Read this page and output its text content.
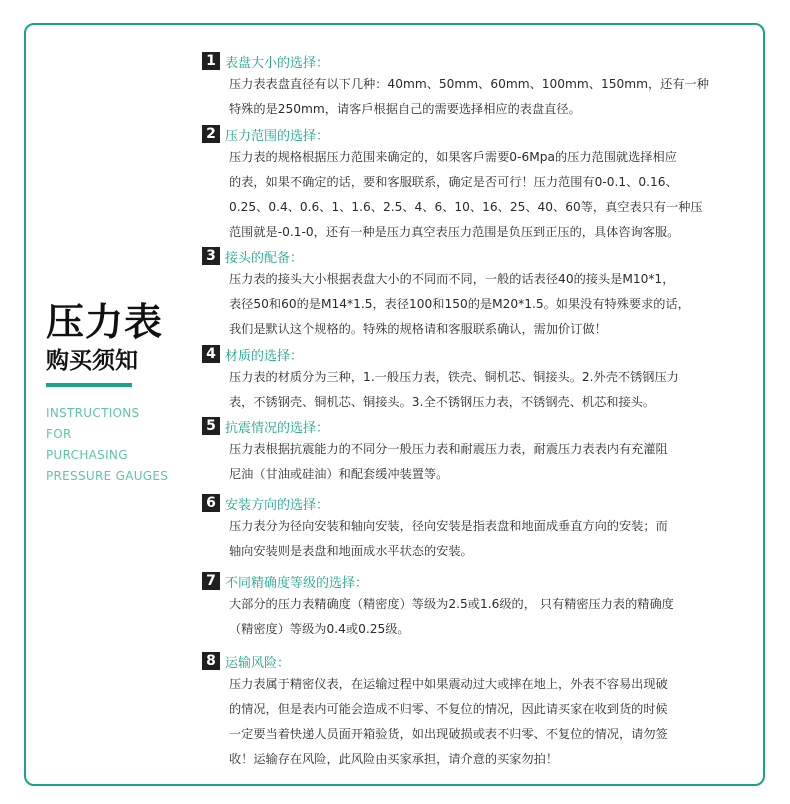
压力表
购买须知
INSTRUCTIONS
FOR
PURCHASING
PRESSURE GAUGES
1 表盘大小的选择：
压力表表盘直径有以下几种：40mm、50mm、60mm、100mm、150mm，还有一种
特殊的是250mm，请客戶根据自己的需要选择相应的表盘直径。
2 压力范围的选择：
压力表的规格根据压力范围来确定的，如果客戶需要0-6Mpa的压力范围就选择相应
的表，如果不确定的话，要和客服联系，确定是否可行！压力范围有0-0.1、0.16、
0.25、0.4、0.6、1、1.6、2.5、4、6、10、16、25、40、60等，真空表只有一种压
范围就是-0.1-0，还有一种是压力真空表压力范围是负压到正压的，具体咨询客服。
3 接头的配备：
压力表的接头大小根据表盘大小的不同而不同，一般的话表径40的接头是M10*1，
表径50和60的是M14*1.5，表径100和150的是M20*1.5。如果没有特殊要求的话，
我们是默认这个规格的。特殊的规格请和客服联系确认，需加价订做！
4 材质的选择：
压力表的材质分为三种，1.一般压力表，铁壳、铜机芯、铜接头。2.外壳不锈钢压力
表，不锈钢壳、铜机芯、铜接头。3.全不锈钢压力表，不锈钢壳、机芯和接头。
5 抗震情况的选择：
压力表根据抗震能力的不同分一般压力表和耐震压力表，耐震压力表表内有充灌阻
尼油（甘油或硅油）和配套缓冲装置等。
6 安装方向的选择：
压力表分为径向安装和轴向安装，径向安装是指表盘和地面成垂直方向的安装；而
轴向安装则是表盘和地面成水平状态的安装。
7 不同精确度等级的选择：
大部分的压力表精确度（精密度）等级为2.5或1.6级的， 只有精密压力表的精确度
（精密度）等级为0.4或0.25级。
8 运输风险：
压力表属于精密仪表，在运输过程中如果震动过大或摔在地上，外表不容易出现破
的情况，但是表内可能会造成不归零、不复位的情况，因此请买家在收到货的时候
一定要当着快递人员面开箱验货，如出现破损或表不归零、不复位的情况，请勿签
收！运输存在风险，此风险由买家承担，请介意的买家勿拍！
